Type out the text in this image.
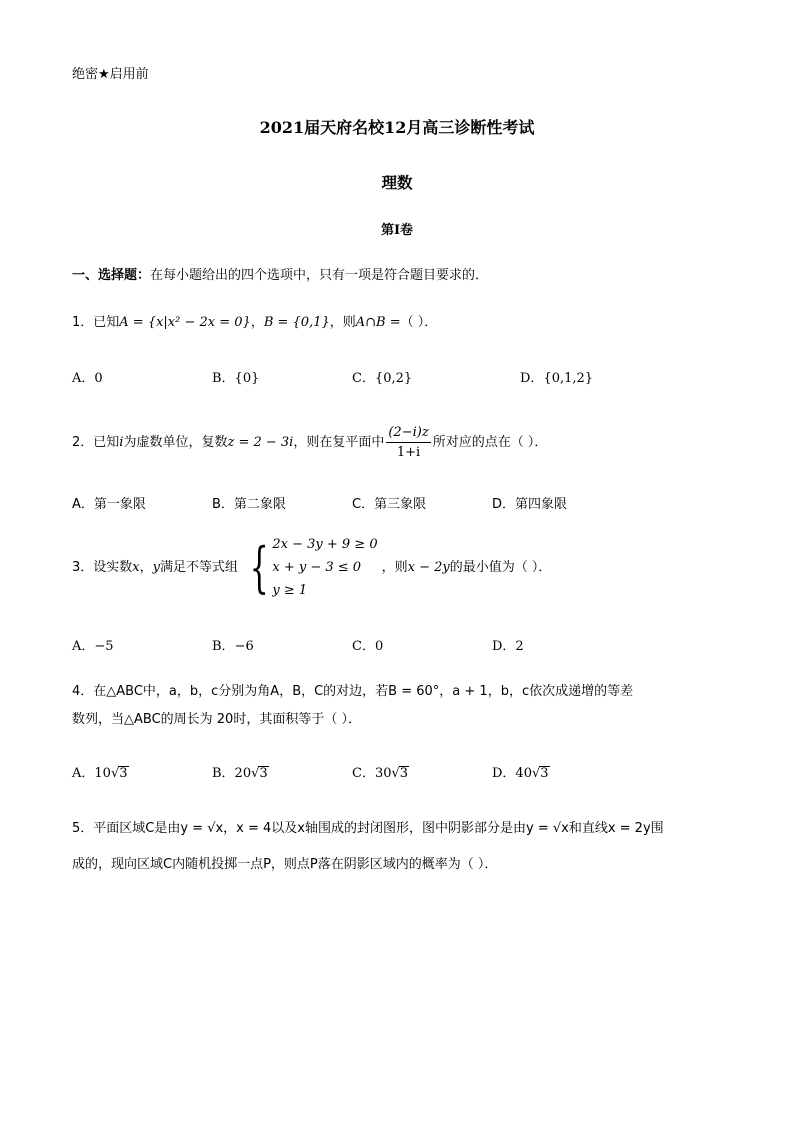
绝密★启用前
2021届天府名校12月高三诊断性考试
理数
第Ⅰ卷
一、选择题： 在每小题给出的四个选项中，只有一项是符合题目要求的．
1．已知 A = {x|x² − 2x = 0} ， B = {0,1} ，则 A∩B = （ ）．
A．0	B．{0}	C．{0,2}	D．{0,1,2}
2．已知 i 为虚数单位，复数 z = 2 − 3i ，则在复平面中 $\frac{(2-i)z}{1+i}$ 所对应的点在（ ）．
A．第一象限	B．第二象限	C．第三象限	D．第四象限
3．设实数 x ， y 满足不等式组 { 2x − 3y + 9 ≥ 0
x + y − 3 ≤ 0
y ≥ 1
，则 x − 2y 的最小值为（ ）．
A．−5	B．−6	C．0	D．2
4．在△ABC中，a，b，c分别为角A，B，C的对边，若B = 60°，a + 1，b，c依次成递增的等差
数列，当△ABC的周长为 20时，其面积等于（ ）．
A．10 √ 3	B．20 √ 3	C．30 √ 3	D．40 √ 3
5．平面区域C是由y = √x，x = 4以及x轴围成的封闭图形，图中阴影部分是由y = √x和直线x = 2y围
成的，现向区域C内随机投掷一点P，则点P落在阴影区域内的概率为（ ）．
